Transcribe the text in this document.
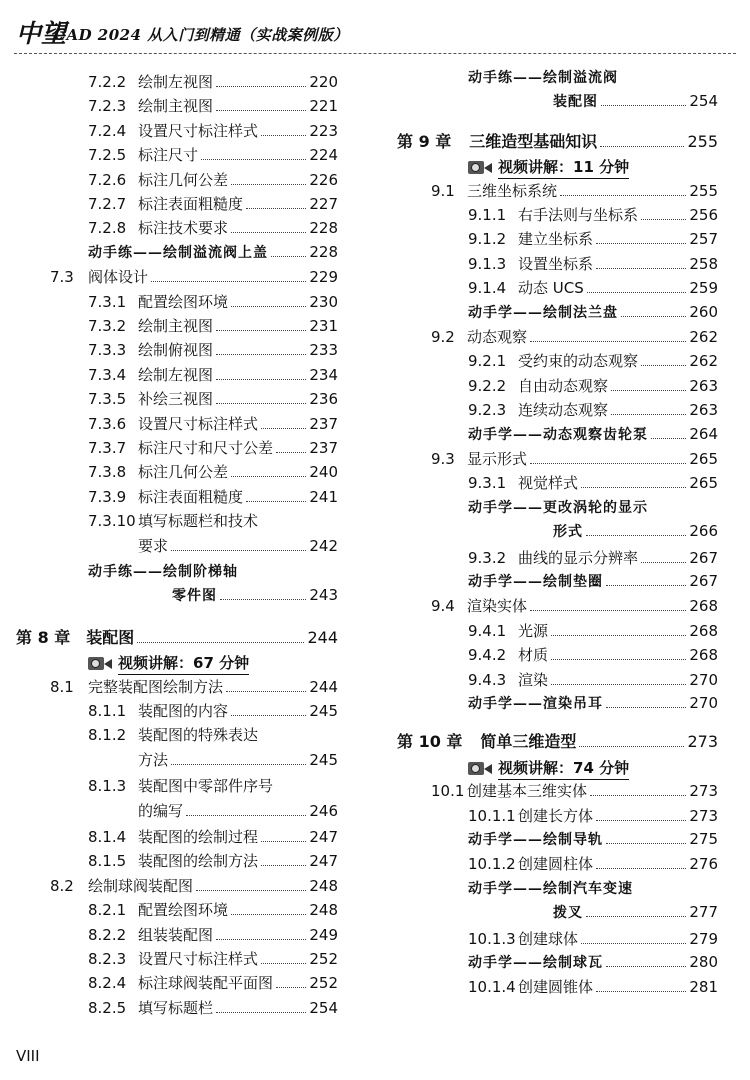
中望
CAD 2024 从入门到精通（实战案例版）
7.2.2 绘制左视图	220
7.2.3 绘制主视图	221
7.2.4 设置尺寸标注样式	223
7.2.5 标注尺寸	224
7.2.6 标注几何公差	226
7.2.7 标注表面粗糙度	227
7.2.8 标注技术要求	228
动手练——绘制溢流阀上盖	228
7.3 阀体设计	229
7.3.1 配置绘图环境	230
7.3.2 绘制主视图	231
7.3.3 绘制俯视图	233
7.3.4 绘制左视图	234
7.3.5 补绘三视图	236
7.3.6 设置尺寸标注样式	237
7.3.7 标注尺寸和尺寸公差 237
7.3.8 标注几何公差	240
7.3.9 标注表面粗糙度	241
7.3.10 填写标题栏和技术
要求	242
动手练——绘制阶梯轴
零件图	243
第 8 章 装配图	244
视频讲解：67 分钟
8.1 完整装配图绘制方法	244
8.1.1 装配图的内容	245
8.1.2 装配图的特殊表达
方法	245
8.1.3 装配图中零部件序号
的编写	246
8.1.4 装配图的绘制过程	247
8.1.5 装配图的绘制方法	247
8.2 绘制球阀装配图	248
8.2.1 配置绘图环境	248
8.2.2 组装装配图	249
8.2.3 设置尺寸标注样式	252
8.2.4 标注球阀装配平面图 252
8.2.5 填写标题栏	254
动手练——绘制溢流阀
装配图	254
第 9 章 三维造型基础知识	255
视频讲解：11 分钟
9.1 三维坐标系统	255
9.1.1 右手法则与坐标系	256
9.1.2 建立坐标系	257
9.1.3 设置坐标系	258
9.1.4 动态 UCS	259
动手学——绘制法兰盘	260
9.2 动态观察	262
9.2.1 受约束的动态观察	262
9.2.2 自由动态观察	263
9.2.3 连续动态观察	263
动手学——动态观察齿轮泵	264
9.3 显示形式	265
9.3.1 视觉样式	265
动手学——更改涡轮的显示
形式	266
9.3.2 曲线的显示分辨率	267
动手学——绘制垫圈	267
9.4 渲染实体	268
9.4.1 光源	268
9.4.2 材质	268
9.4.3 渲染	270
动手学——渲染吊耳	270
第 10 章 简单三维造型	273
视频讲解：74 分钟
10.1 创建基本三维实体	273
10.1.1 创建长方体	273
动手学——绘制导轨	275
10.1.2 创建圆柱体	276
动手学——绘制汽车变速
拨叉	277
10.1.3 创建球体	279
动手学——绘制球瓦	280
10.1.4 创建圆锥体	281
VIII
